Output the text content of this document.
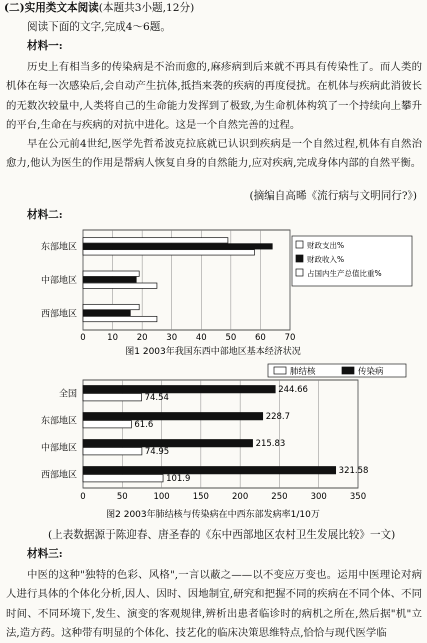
(二)实用类文本阅读(本题共3小题,12分)
阅读下面的文字,完成4～6题。
材料一:
历史上有相当多的传染病是不治而愈的,麻疹病到后来就不再具有传染性了。而人类的机体在每一次感染后,会自动产生抗体,抵挡来袭的疾病的再度侵扰。在机体与疾病此消彼长的无数次较量中,人类将自己的生命能力发挥到了极致,为生命机体构筑了一个持续向上攀升的平台,生命在与疾病的对抗中进化。这是一个自然完善的过程。
早在公元前4世纪,医学先哲希波克拉底就已认识到疾病是一个自然过程,机体有自然治愈力,他认为医生的作用是帮病人恢复自身的自然能力,应对疾病,完成身体内部的自然平衡。
(摘编自高晞《流行病与文明同行?》)
材料二:
0	10 20 30 40 50 60 70
东部地区
中部地区
西部地区
财政支出%
财政收入%
占国内生产总值比重%
图1 2003年我国东西中部地区基本经济状况
0	50	100	150	200	250	300	350
全国	244.66
74.54
东部地区	228.7
61.6
中部地区	215.83
74.95
西部地区	321.58
101.9
肺结核	传染病
图2 2003年肺结核与传染病在中西东部发病率1/10万
(上表数据源于陈迎春、唐圣春的《东中西部地区农村卫生发展比较》一文)
材料三:
中医的这种"独特的色彩、风格",一言以蔽之——以不变应万变也。运用中医理论对病人进行具体的个体化分析,因人、因时、因地制宜,研究和把握不同的疾病在不同个体、不同时间、不同环境下,发生、演变的客观规律,辨析出患者临诊时的病机之所在,然后据"机"立法,造方药。这种带有明显的个体化、技艺化的临床决策思维特点,恰恰与现代医学临
